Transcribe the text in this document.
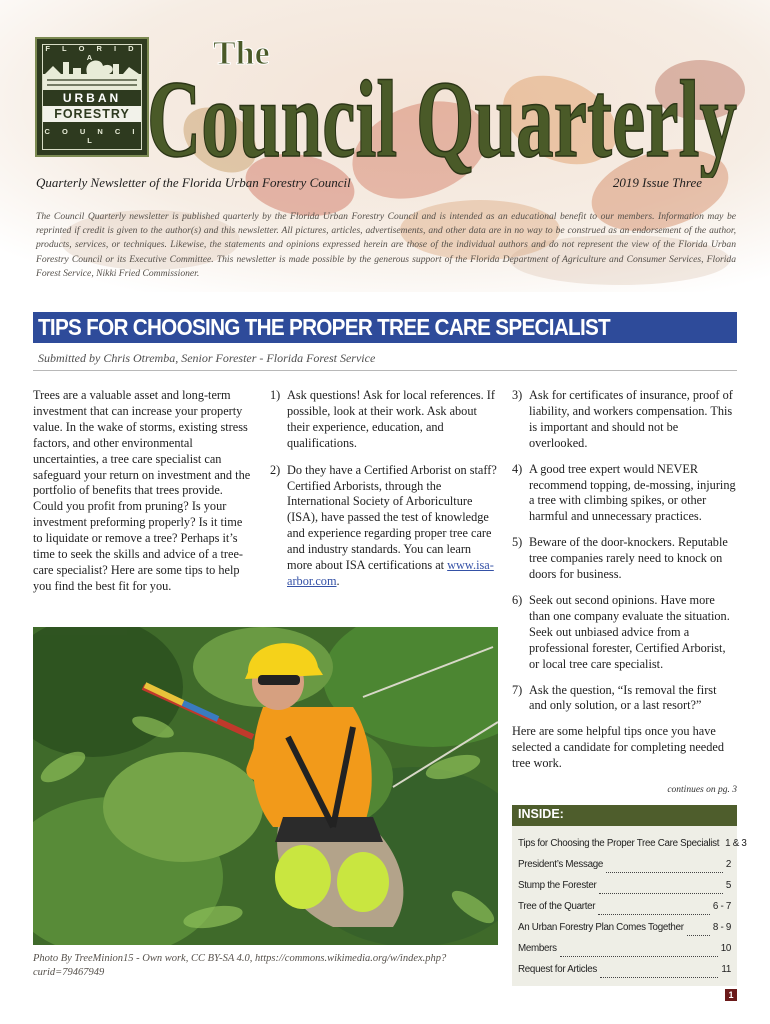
F L O R I D A
URBAN
FORESTRY
C O U N C I L
The
Council Quarterly
Quarterly Newsletter of the Florida Urban Forestry Council	2019 Issue Three
The Council Quarterly newsletter is published quarterly by the Florida Urban Forestry Council and is intended as an educational benefit to our members. Information may be reprinted if credit is given to the author(s) and this newsletter. All pictures, articles, advertisements, and other data are in no way to be construed as an endorsement of the author, products, services, or techniques. Likewise, the statements and opinions expressed herein are those of the individual authors and do not represent the view of the Florida Urban Forestry Council or its Executive Committee. This newsletter is made possible by the generous support of the Florida Department of Agriculture and Consumer Services, Florida Forest Service, Nikki Fried Commissioner.
TIPS FOR CHOOSING THE PROPER TREE CARE SPECIALIST
Submitted by Chris Otremba, Senior Forester - Florida Forest Service
Trees are a valuable asset and long-term investment that can increase your property value. In the wake of storms, existing stress factors, and other environmental uncertainties, a tree care specialist can safeguard your return on investment and the portfolio of benefits that trees provide. Could you profit from pruning? Is your investment preforming properly? Is it time to liquidate or remove a tree? Perhaps it’s time to seek the skills and advice of a tree-care specialist? Here are some tips to help you find the best fit for you.
1) Ask questions! Ask for local references. If possible, look at their work. Ask about their experience, education, and qualifications.
2) Do they have a Certified Arborist on staff? Certified Arborists, through the International Society of Arboriculture (ISA), have passed the test of knowledge and experience regarding proper tree care and industry standards. You can learn more about ISA certifications at www.isa-arbor.com.
3) Ask for certificates of insurance, proof of liability, and workers compensation. This is important and should not be overlooked.
4) A good tree expert would NEVER recommend topping, de-mossing, injuring a tree with climbing spikes, or other harmful and unnecessary practices.
5) Beware of the door-knockers. Reputable tree companies rarely need to knock on doors for business.
6) Seek out second opinions. Have more than one company evaluate the situation. Seek out unbiased advice from a professional forester, Certified Arborist, or local tree care specialist.
7) Ask the question, “Is removal the first and only solution, or a last resort?”
Here are some helpful tips once you have selected a candidate for completing needed tree work.
continues on pg. 3
Photo By TreeMinion15 - Own work, CC BY-SA 4.0, https://commons.wikimedia.org/w/index.php?curid=79467949
INSIDE:
Tips for Choosing the Proper Tree Care Specialist 1 & 3
President’s Message	2
Stump the Forester	5
Tree of the Quarter	6 - 7
An Urban Forestry Plan Comes Together	8 - 9
Members	10
Request for Articles	11
1
